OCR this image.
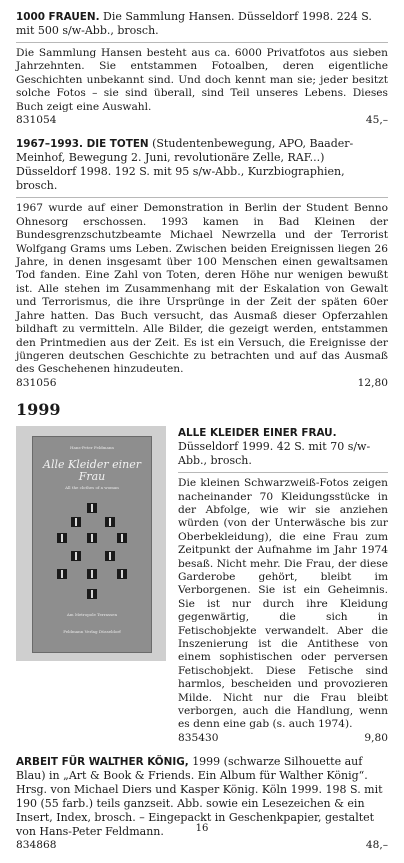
1000 FRAUEN. Die Sammlung Hansen. Düsseldorf 1998. 224 S. mit 500 s/w-Abb., brosch.

Die Sammlung Hansen besteht aus ca. 6000 Privatfotos aus sieben Jahrzehnten. Sie entstammen Fotoalben, deren eigentliche Geschichten unbekannt sind. Und doch kennt man sie; jeder besitzt solche Fotos – sie sind überall, sind Teil unseres Lebens. Dieses Buch zeigt eine Auswahl.

831054	45,–

1967–1993. DIE TOTEN (Studentenbewegung, APO, Baader-Meinhof, Bewegung 2. Juni, revolutionäre Zelle, RAF...) Düsseldorf 1998. 192 S. mit 95 s/w-Abb., Kurzbiographien, brosch.

1967 wurde auf einer Demonstration in Berlin der Student Benno Ohnesorg erschossen. 1993 kamen in Bad Kleinen der Bundesgrenzschutzbeamte Michael Newrzella und der Terrorist Wolfgang Grams ums Leben. Zwischen beiden Ereignissen liegen 26 Jahre, in denen insgesamt über 100 Menschen einen gewaltsamen Tod fanden. Eine Zahl von Toten, deren Höhe nur wenigen bewußt ist. Alle stehen im Zusammenhang mit der Eskalation von Gewalt und Terrorismus, die ihre Ursprünge in der Zeit der späten 60er Jahre hatten. Das Buch versucht, das Ausmaß dieser Opferzahlen bildhaft zu vermitteln. Alle Bilder, die gezeigt werden, entstammen den Printmedien aus der Zeit. Es ist ein Versuch, die Ereignisse der jüngeren deutschen Geschichte zu betrachten und auf das Ausmaß des Geschehenen hinzudeuten.

831056	12,80
1999
Hans-Peter Feldmann
Alle Kleider einer Frau
All the clothes of a woman
Am Metropole Terrassen
Feldmann Verlag Düsseldorf

ALLE KLEIDER EINER FRAU. Düsseldorf 1999. 42 S. mit 70 s/w-Abb., brosch.

Die kleinen Schwarzweiß-Fotos zeigen nacheinander 70 Kleidungsstücke in der Abfolge, wie wir sie anziehen würden (von der Unterwäsche bis zur Oberbekleidung), die eine Frau zum Zeitpunkt der Aufnahme im Jahr 1974 besaß. Nicht mehr. Die Frau, der diese Garderobe gehört, bleibt im Verborgenen. Sie ist ein Geheimnis. Sie ist nur durch ihre Kleidung gegenwärtig, die sich in Fetischobjekte verwandelt. Aber die Inszenierung ist die Antithese von einem sophistischen oder perversen Fetischobjekt. Diese Fetische sind harmlos, bescheiden und provozieren Milde. Nicht nur die Frau bleibt verborgen, auch die Handlung, wenn es denn eine gab (s. auch 1974).

835430	9,80

ARBEIT FÜR WALTHER KÖNIG, 1999 (schwarze Silhouette auf Blau) in „Art & Book & Friends. Ein Album für Walther König“. Hrsg. von Michael Diers und Kasper König. Köln 1999. 198 S. mit 190 (55 farb.) teils ganzseit. Abb. sowie ein Lesezeichen & ein Insert, Index, brosch. – Eingepackt in Geschenkpapier, gestaltet von Hans-Peter Feldmann.

834868	48,–
16
